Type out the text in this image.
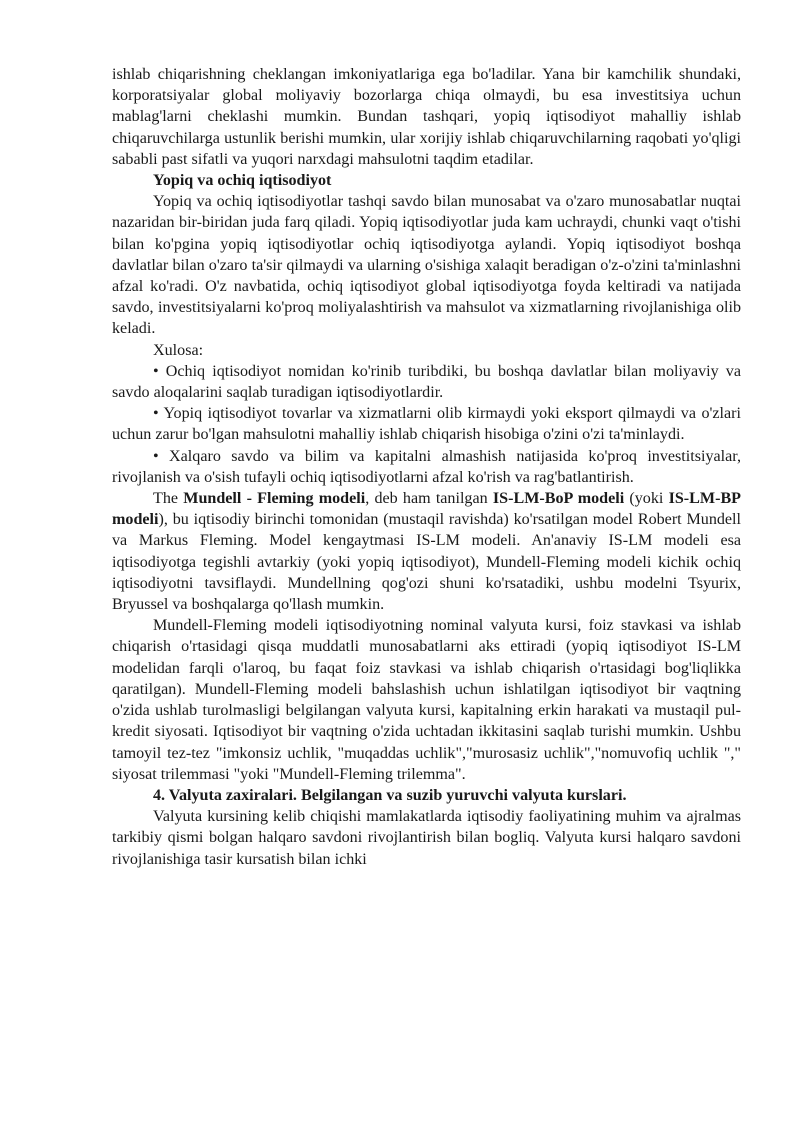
ishlab chiqarishning cheklangan imkoniyatlariga ega bo'ladilar. Yana bir kamchilik shundaki, korporatsiyalar global moliyaviy bozorlarga chiqa olmaydi, bu esa investitsiya uchun mablag'larni cheklashi mumkin. Bundan tashqari, yopiq iqtisodiyot mahalliy ishlab chiqaruvchilarga ustunlik berishi mumkin, ular xorijiy ishlab chiqaruvchilarning raqobati yo'qligi sababli past sifatli va yuqori narxdagi mahsulotni taqdim etadilar.

Yopiq va ochiq iqtisodiyot

Yopiq va ochiq iqtisodiyotlar tashqi savdo bilan munosabat va o'zaro munosabatlar nuqtai nazaridan bir-biridan juda farq qiladi. Yopiq iqtisodiyotlar juda kam uchraydi, chunki vaqt o'tishi bilan ko'pgina yopiq iqtisodiyotlar ochiq iqtisodiyotga aylandi. Yopiq iqtisodiyot boshqa davlatlar bilan o'zaro ta'sir qilmaydi va ularning o'sishiga xalaqit beradigan o'z-o'zini ta'minlashni afzal ko'radi. O'z navbatida, ochiq iqtisodiyot global iqtisodiyotga foyda keltiradi va natijada savdo, investitsiyalarni ko'proq moliyalashtirish va mahsulot va xizmatlarning rivojlanishiga olib keladi.

Xulosa:

• Ochiq iqtisodiyot nomidan ko'rinib turibdiki, bu boshqa davlatlar bilan moliyaviy va savdo aloqalarini saqlab turadigan iqtisodiyotlardir.

• Yopiq iqtisodiyot tovarlar va xizmatlarni olib kirmaydi yoki eksport qilmaydi va o'zlari uchun zarur bo'lgan mahsulotni mahalliy ishlab chiqarish hisobiga o'zini o'zi ta'minlaydi.

• Xalqaro savdo va bilim va kapitalni almashish natijasida ko'proq investitsiyalar, rivojlanish va o'sish tufayli ochiq iqtisodiyotlarni afzal ko'rish va rag'batlantirish.

The Mundell - Fleming modeli, deb ham tanilgan IS-LM-BoP modeli (yoki IS-LM-BP modeli), bu iqtisodiy birinchi tomonidan (mustaqil ravishda) ko'rsatilgan model Robert Mundell va Markus Fleming. Model kengaytmasi IS-LM modeli. An'anaviy IS-LM modeli esa iqtisodiyotga tegishli avtarkiy (yoki yopiq iqtisodiyot), Mundell-Fleming modeli kichik ochiq iqtisodiyotni tavsiflaydi. Mundellning qog'ozi shuni ko'rsatadiki, ushbu modelni Tsyurix, Bryussel va boshqalarga qo'llash mumkin.

Mundell-Fleming modeli iqtisodiyotning nominal valyuta kursi, foiz stavkasi va ishlab chiqarish o'rtasidagi qisqa muddatli munosabatlarni aks ettiradi (yopiq iqtisodiyot IS-LM modelidan farqli o'laroq, bu faqat foiz stavkasi va ishlab chiqarish o'rtasidagi bog'liqlikka qaratilgan). Mundell-Fleming modeli bahslashish uchun ishlatilgan iqtisodiyot bir vaqtning o'zida ushlab turolmasligi belgilangan valyuta kursi, kapitalning erkin harakati va mustaqil pul-kredit siyosati. Iqtisodiyot bir vaqtning o'zida uchtadan ikkitasini saqlab turishi mumkin. Ushbu tamoyil tez-tez "imkonsiz uchlik, "muqaddas uchlik","murosasiz uchlik","nomuvofiq uchlik "," siyosat trilemmasi "yoki "Mundell-Fleming trilemma".

4. Valyuta zaxiralari. Belgilangan va suzib yuruvchi valyuta kurslari.

Valyuta kursining kelib chiqishi mamlakatlarda iqtisodiy faoliyatining muhim va ajralmas tarkibiy qismi bolgan halqaro savdoni rivojlantirish bilan bogliq. Valyuta kursi halqaro savdoni rivojlanishiga tasir kursatish bilan ichki
